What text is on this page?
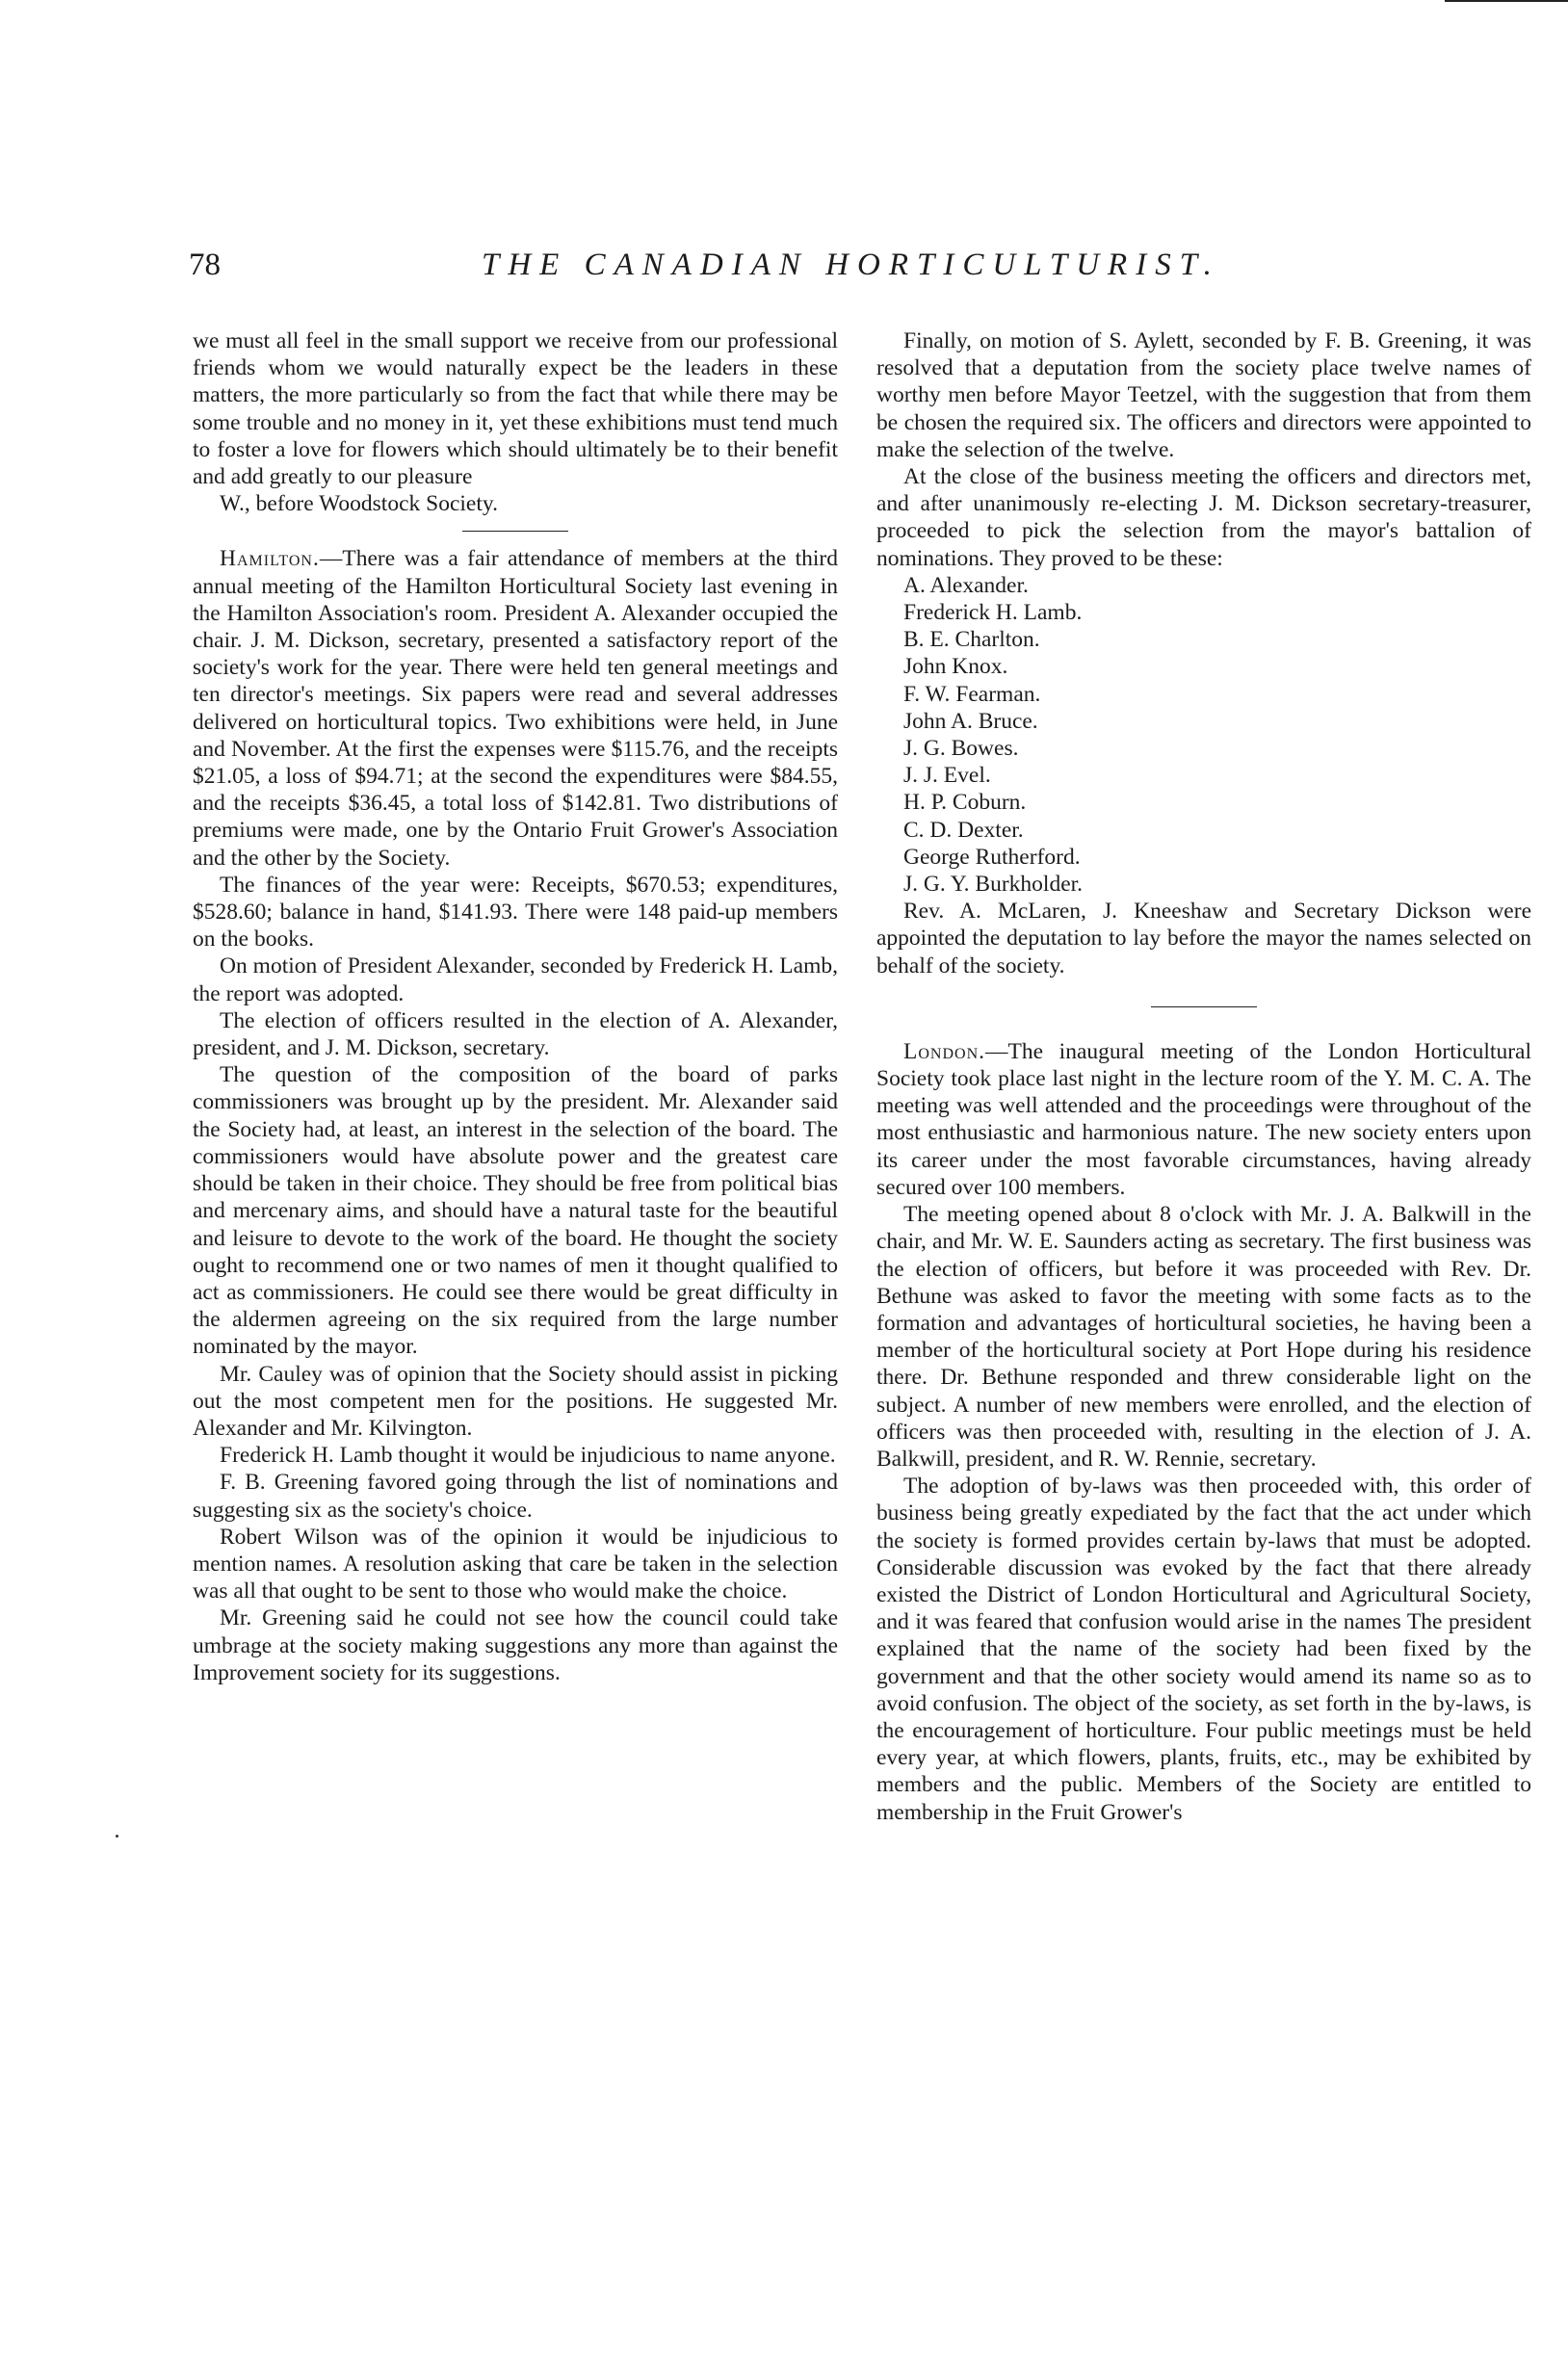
78	THE CANADIAN HORTICULTURIST.

we must all feel in the small support we receive from our professional friends whom we would naturally expect be the leaders in these matters, the more particularly so from the fact that while there may be some trouble and no money in it, yet these exhibitions must tend much to foster a love for flowers which should ultimately be to their benefit and add greatly to our pleasure

W., before Woodstock Society.

Hamilton.—There was a fair attendance of members at the third annual meeting of the Hamilton Horticultural Society last evening in the Hamilton Association's room. President A. Alexander occupied the chair. J. M. Dickson, secretary, presented a satisfactory report of the society's work for the year. There were held ten general meetings and ten director's meetings. Six papers were read and several addresses delivered on horticultural topics. Two exhibitions were held, in June and November. At the first the expenses were $115.76, and the receipts $21.05, a loss of $94.71; at the second the expenditures were $84.55, and the receipts $36.45, a total loss of $142.81. Two distributions of premiums were made, one by the Ontario Fruit Grower's Association and the other by the Society.

The finances of the year were: Receipts, $670.53; expenditures, $528.60; balance in hand, $141.93. There were 148 paid-up members on the books.

On motion of President Alexander, seconded by Frederick H. Lamb, the report was adopted.

The election of officers resulted in the election of A. Alexander, president, and J. M. Dickson, secretary.

The question of the composition of the board of parks commissioners was brought up by the president. Mr. Alexander said the Society had, at least, an interest in the selection of the board. The commissioners would have absolute power and the greatest care should be taken in their choice. They should be free from political bias and mercenary aims, and should have a natural taste for the beautiful and leisure to devote to the work of the board. He thought the society ought to recommend one or two names of men it thought qualified to act as commissioners. He could see there would be great difficulty in the aldermen agreeing on the six required from the large number nominated by the mayor.

Mr. Cauley was of opinion that the Society should assist in picking out the most competent men for the positions. He suggested Mr. Alexander and Mr. Kilvington.

Frederick H. Lamb thought it would be injudicious to name anyone.

F. B. Greening favored going through the list of nominations and suggesting six as the society's choice.

Robert Wilson was of the opinion it would be injudicious to mention names. A resolution asking that care be taken in the selection was all that ought to be sent to those who would make the choice.

Mr. Greening said he could not see how the council could take umbrage at the society making suggestions any more than against the Improvement society for its suggestions.

Finally, on motion of S. Aylett, seconded by F. B. Greening, it was resolved that a deputation from the society place twelve names of worthy men before Mayor Teetzel, with the suggestion that from them be chosen the required six. The officers and directors were appointed to make the selection of the twelve.

At the close of the business meeting the officers and directors met, and after unanimously re-electing J. M. Dickson secretary-treasurer, proceeded to pick the selection from the mayor's battalion of nominations. They proved to be these:

A. Alexander.
Frederick H. Lamb.
B. E. Charlton.
John Knox.
F. W. Fearman.
John A. Bruce.
J. G. Bowes.
J. J. Evel.
H. P. Coburn.
C. D. Dexter.
George Rutherford.
J. G. Y. Burkholder.

Rev. A. McLaren, J. Kneeshaw and Secretary Dickson were appointed the deputation to lay before the mayor the names selected on behalf of the society.

London.—The inaugural meeting of the London Horticultural Society took place last night in the lecture room of the Y. M. C. A. The meeting was well attended and the proceedings were throughout of the most enthusiastic and harmonious nature. The new society enters upon its career under the most favorable circumstances, having already secured over 100 members.

The meeting opened about 8 o'clock with Mr. J. A. Balkwill in the chair, and Mr. W. E. Saunders acting as secretary. The first business was the election of officers, but before it was proceeded with Rev. Dr. Bethune was asked to favor the meeting with some facts as to the formation and advantages of horticultural societies, he having been a member of the horticultural society at Port Hope during his residence there. Dr. Bethune responded and threw considerable light on the subject. A number of new members were enrolled, and the election of officers was then proceeded with, resulting in the election of J. A. Balkwill, president, and R. W. Rennie, secretary.

The adoption of by-laws was then proceeded with, this order of business being greatly expediated by the fact that the act under which the society is formed provides certain by-laws that must be adopted. Considerable discussion was evoked by the fact that there already existed the District of London Horticultural and Agricultural Society, and it was feared that confusion would arise in the names The president explained that the name of the society had been fixed by the government and that the other society would amend its name so as to avoid confusion. The object of the society, as set forth in the by-laws, is the encouragement of horticulture. Four public meetings must be held every year, at which flowers, plants, fruits, etc., may be exhibited by members and the public. Members of the Society are entitled to membership in the Fruit Grower's
